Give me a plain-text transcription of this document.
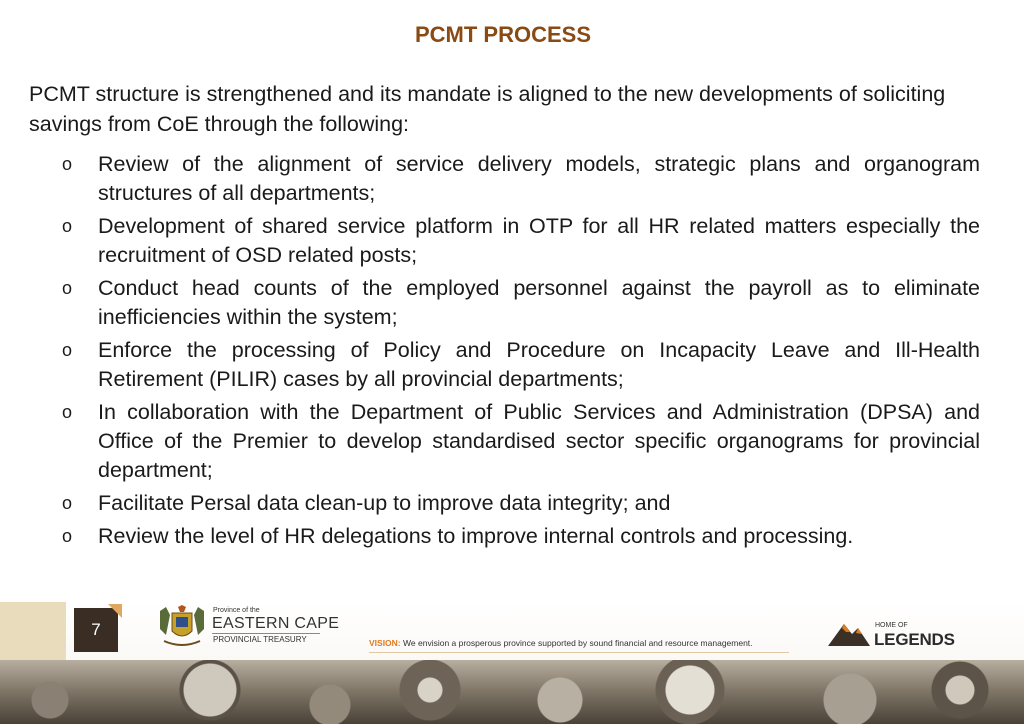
PCMT PROCESS
PCMT structure is strengthened and its mandate is aligned to the new developments of soliciting savings from CoE through the following:
o Review of the alignment of service delivery models, strategic plans and organogram structures of all departments;
o Development of shared service platform in OTP for all HR related matters especially the recruitment of OSD related posts;
o Conduct head counts of the employed personnel against the payroll as to eliminate inefficiencies within the system;
o Enforce the processing of Policy and Procedure on Incapacity Leave and Ill-Health Retirement (PILIR) cases by all provincial departments;
o In collaboration with the Department of Public Services and Administration (DPSA) and Office of the Premier to develop standardised sector specific organograms for provincial department;
o Facilitate Persal data clean-up to improve data integrity; and
o Review the level of HR delegations to improve internal controls and processing.
7
Province of the
EASTERN CAPE
PROVINCIAL TREASURY	VISION: We envision a prosperous province supported by sound financial and resource management.
HOME OF
LEGENDS
